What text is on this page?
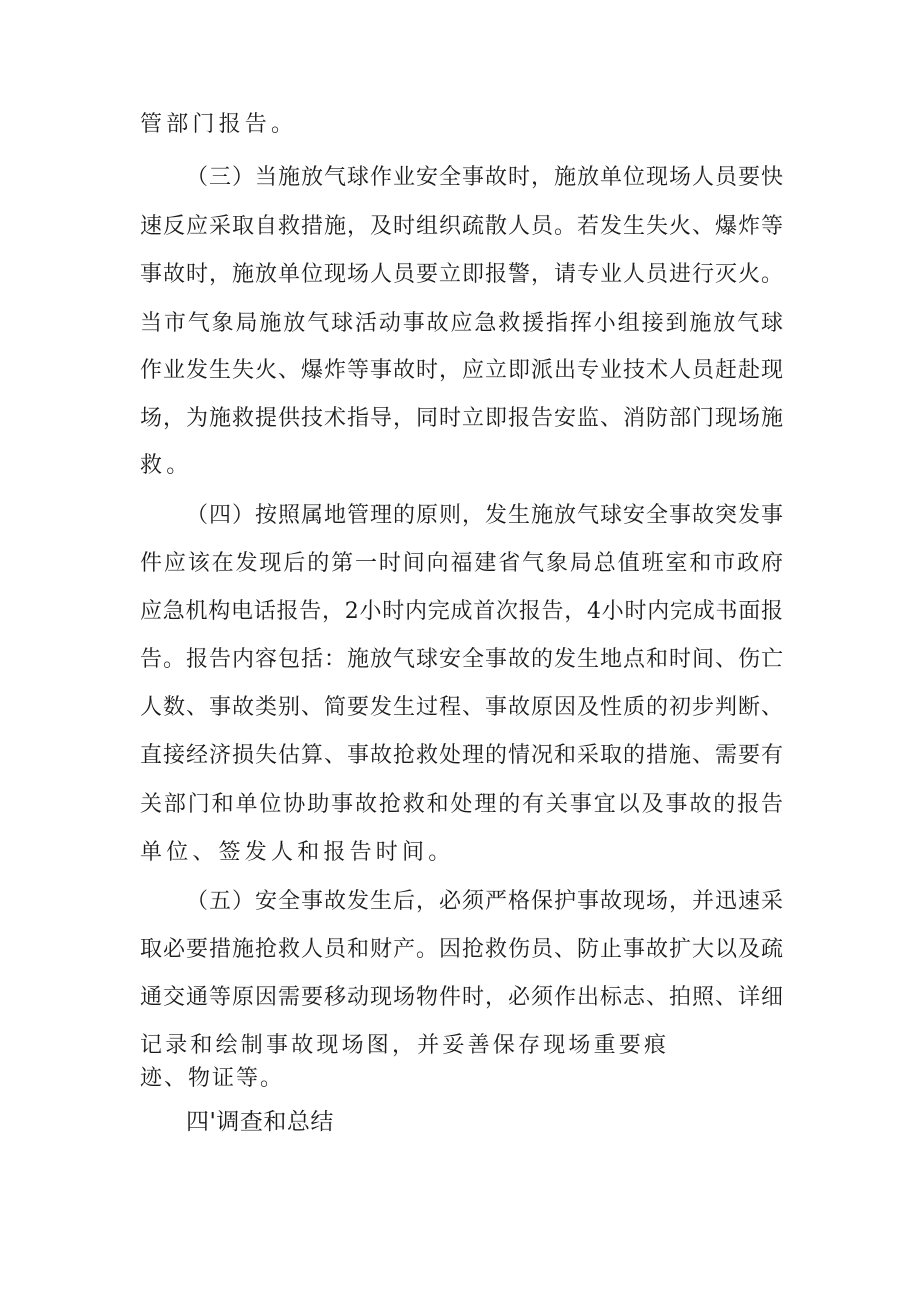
管部门报告。
（三）当施放气球作业安全事故时，施放单位现场人员要快
速反应采取自救措施，及时组织疏散人员。若发生失火、爆炸等
事故时，施放单位现场人员要立即报警，请专业人员进行灭火。
当市气象局施放气球活动事故应急救援指挥小组接到施放气球
作业发生失火、爆炸等事故时，应立即派出专业技术人员赶赴现
场，为施救提供技术指导，同时立即报告安监、消防部门现场施
救。
（四）按照属地管理的原则，发生施放气球安全事故突发事
件应该在发现后的第一时间向福建省气象局总值班室和市政府
应急机构电话报告，2小时内完成首次报告，4小时内完成书面报
告。报告内容包括：施放气球安全事故的发生地点和时间、伤亡
人数、事故类别、简要发生过程、事故原因及性质的初步判断、
直接经济损失估算、事故抢救处理的情况和采取的措施、需要有
关部门和单位协助事故抢救和处理的有关事宜以及事故的报告
单位、签发人和报告时间。
（五）安全事故发生后，必须严格保护事故现场，并迅速采
取必要措施抢救人员和财产。因抢救伤员、防止事故扩大以及疏
通交通等原因需要移动现场物件时，必须作出标志、拍照、详细
记录和绘制事故现场图，并妥善保存现场重要痕
迹、物证等。
四'调查和总结
